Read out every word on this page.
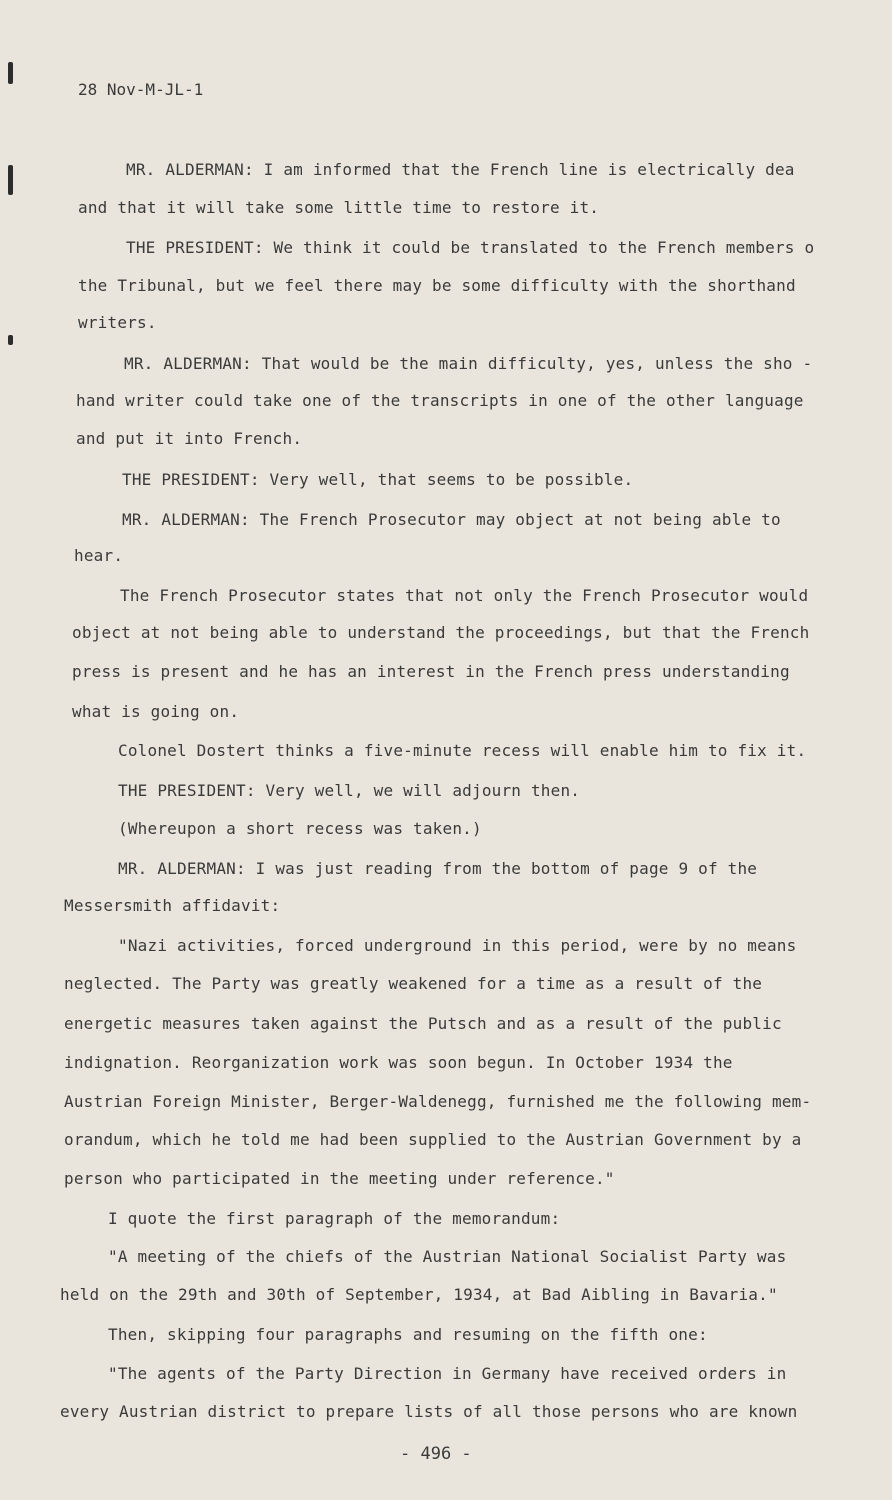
28 Nov-M-JL-1
MR. ALDERMAN: I am informed that the French line is electrically dea
and that it will take some little time to restore it.
THE PRESIDENT: We think it could be translated to the French members o
the Tribunal, but we feel there may be some difficulty with the shorthand
writers.
MR. ALDERMAN: That would be the main difficulty, yes, unless the sho -
hand writer could take one of the transcripts in one of the other language
and put it into French.
THE PRESIDENT: Very well, that seems to be possible.
MR. ALDERMAN: The French Prosecutor may object at not being able to
hear.
The French Prosecutor states that not only the French Prosecutor would
object at not being able to understand the proceedings, but that the French
press is present and he has an interest in the French press understanding
what is going on.
Colonel Dostert thinks a five-minute recess will enable him to fix it.
THE PRESIDENT: Very well, we will adjourn then.
(Whereupon a short recess was taken.)
MR. ALDERMAN: I was just reading from the bottom of page 9 of the
Messersmith affidavit:
"Nazi activities, forced underground in this period, were by no means
neglected. The Party was greatly weakened for a time as a result of the
energetic measures taken against the Putsch and as a result of the public
indignation. Reorganization work was soon begun. In October 1934 the
Austrian Foreign Minister, Berger-Waldenegg, furnished me the following mem-
orandum, which he told me had been supplied to the Austrian Government by a
person who participated in the meeting under reference."
I quote the first paragraph of the memorandum:
"A meeting of the chiefs of the Austrian National Socialist Party was
held on the 29th and 30th of September, 1934, at Bad Aibling in Bavaria."
Then, skipping four paragraphs and resuming on the fifth one:
"The agents of the Party Direction in Germany have received orders in
every Austrian district to prepare lists of all those persons who are known
- 496 -
